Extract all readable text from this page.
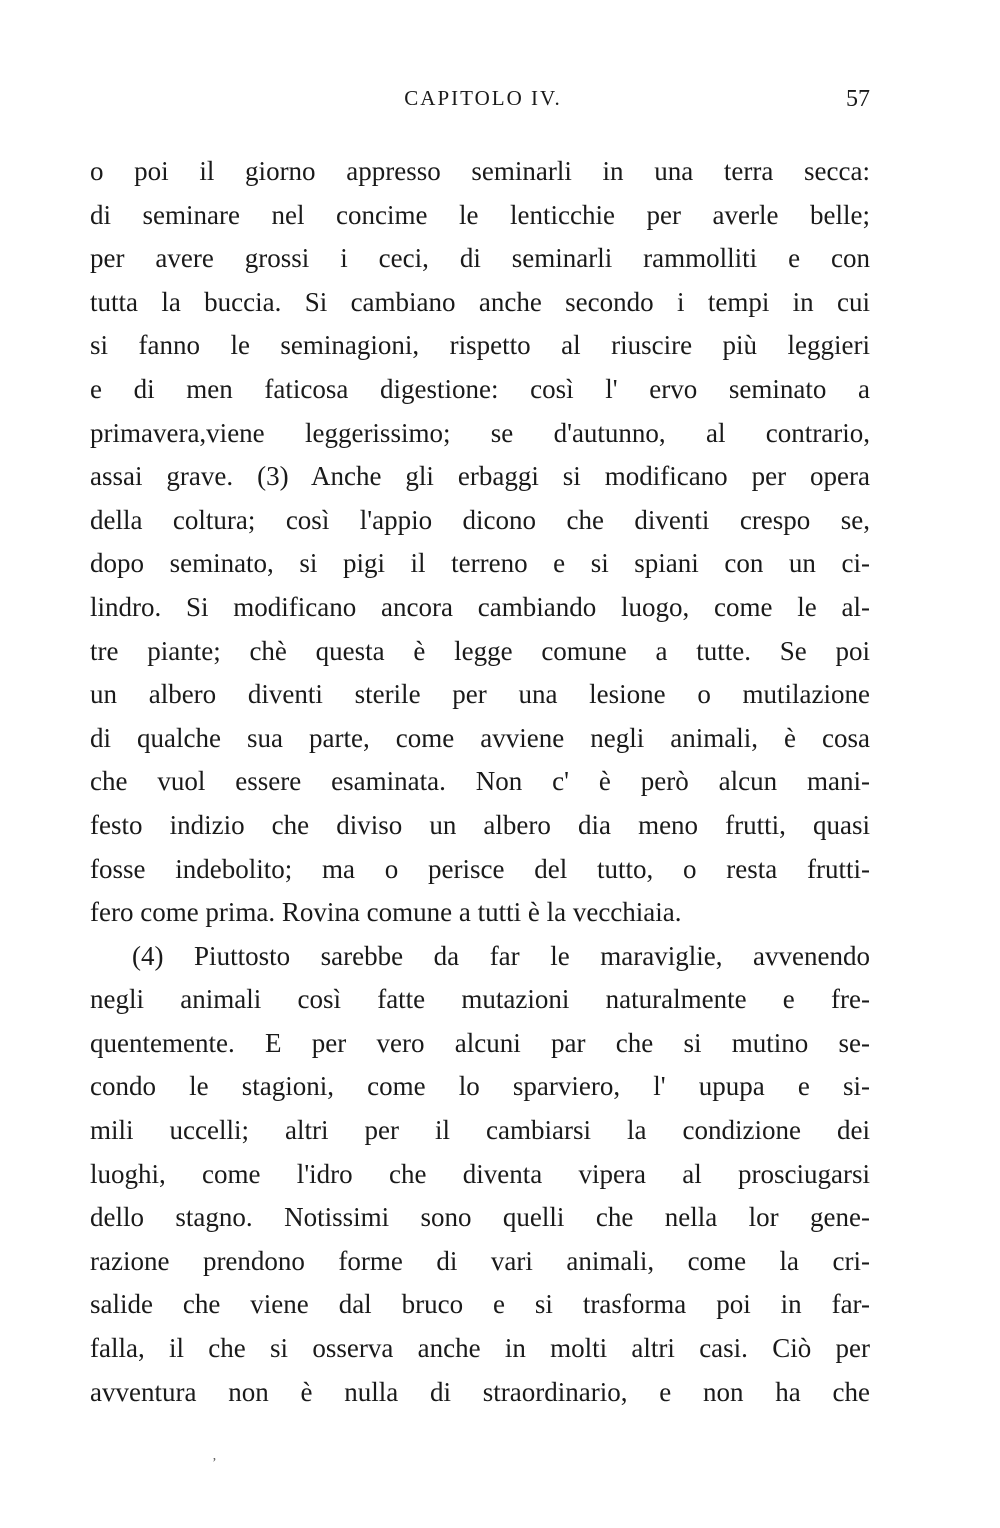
CAPITOLO IV.	57
o poi il giorno appresso seminarli in una terra secca:
di seminare nel concime le lenticchie per averle belle;
per avere grossi i ceci, di seminarli rammolliti e con
tutta la buccia. Si cambiano anche secondo i tempi in cui
si fanno le seminagioni, rispetto al riuscire più leggieri
e di men faticosa digestione: così l' ervo seminato a
primavera,viene leggerissimo; se d'autunno, al contrario,
assai grave. (3) Anche gli erbaggi si modificano per opera
della coltura; così l'appio dicono che diventi crespo se,
dopo seminato, si pigi il terreno e si spiani con un ci-
lindro. Si modificano ancora cambiando luogo, come le al-
tre piante; chè questa è legge comune a tutte. Se poi
un albero diventi sterile per una lesione o mutilazione
di qualche sua parte, come avviene negli animali, è cosa
che vuol essere esaminata. Non c' è però alcun mani-
festo indizio che diviso un albero dia meno frutti, quasi
fosse indebolito; ma o perisce del tutto, o resta frutti-
fero come prima. Rovina comune a tutti è la vecchiaia.
(4) Piuttosto sarebbe da far le maraviglie, avvenendo
negli animali così fatte mutazioni naturalmente e fre-
quentemente. E per vero alcuni par che si mutino se-
condo le stagioni, come lo sparviero, l' upupa e si-
mili uccelli; altri per il cambiarsi la condizione dei
luoghi, come l'idro che diventa vipera al prosciugarsi
dello stagno. Notissimi sono quelli che nella lor gene-
razione prendono forme di vari animali, come la cri-
salide che viene dal bruco e si trasforma poi in far-
falla, il che si osserva anche in molti altri casi. Ciò per
avventura non è nulla di straordinario, e non ha che
ʼ
